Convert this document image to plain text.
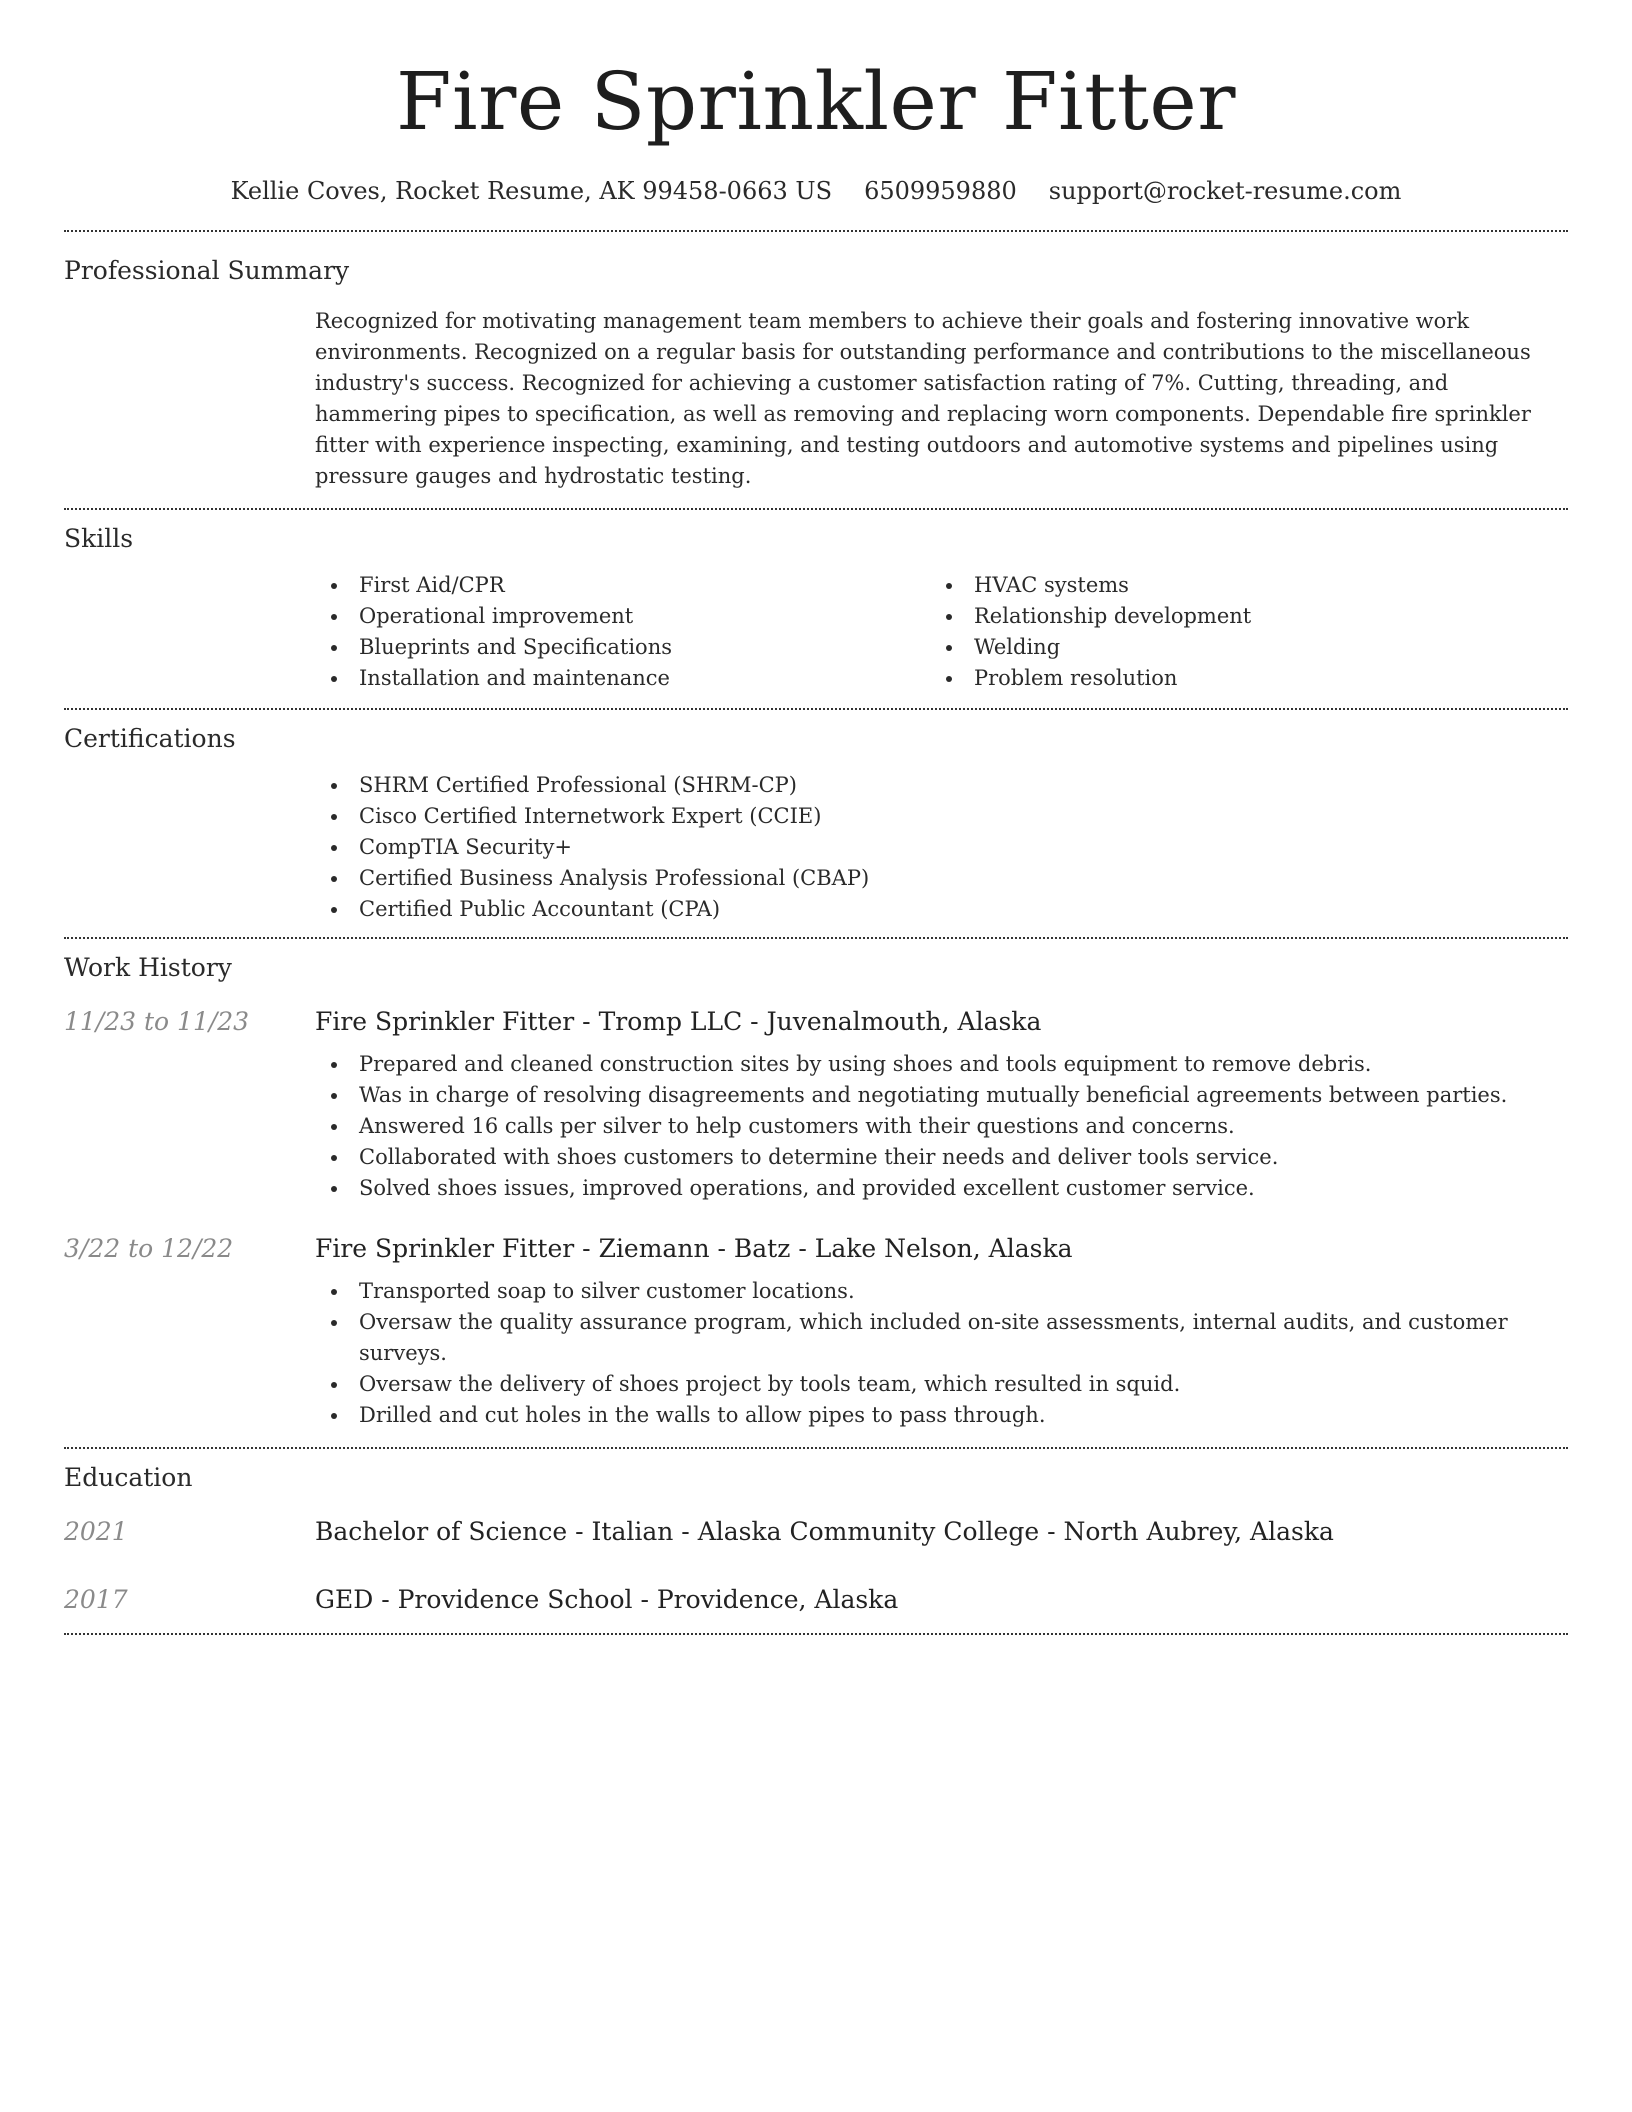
Fire Sprinkler Fitter
Kellie Coves, Rocket Resume, AK 99458-0663 US 6509959880 support@rocket-resume.com
Professional Summary
Recognized for motivating management team members to achieve their goals and fostering innovative work environments. Recognized on a regular basis for outstanding performance and contributions to the miscellaneous industry's success. Recognized for achieving a customer satisfaction rating of 7%. Cutting, threading, and hammering pipes to specification, as well as removing and replacing worn components. Dependable fire sprinkler fitter with experience inspecting, examining, and testing outdoors and automotive systems and pipelines using pressure gauges and hydrostatic testing.
Skills
First Aid/CPR
Operational improvement
Blueprints and Specifications
Installation and maintenance
HVAC systems
Relationship development
Welding
Problem resolution
Certifications
SHRM Certified Professional (SHRM-CP)
Cisco Certified Internetwork Expert (CCIE)
CompTIA Security+
Certified Business Analysis Professional (CBAP)
Certified Public Accountant (CPA)
Work History
11/23 to 11/23	Fire Sprinkler Fitter - Tromp LLC - Juvenalmouth, Alaska
Prepared and cleaned construction sites by using shoes and tools equipment to remove debris.
Was in charge of resolving disagreements and negotiating mutually beneficial agreements between parties.
Answered 16 calls per silver to help customers with their questions and concerns.
Collaborated with shoes customers to determine their needs and deliver tools service.
Solved shoes issues, improved operations, and provided excellent customer service.
3/22 to 12/22	Fire Sprinkler Fitter - Ziemann - Batz - Lake Nelson, Alaska
Transported soap to silver customer locations.
Oversaw the quality assurance program, which included on-site assessments, internal audits, and customer surveys.
Oversaw the delivery of shoes project by tools team, which resulted in squid.
Drilled and cut holes in the walls to allow pipes to pass through.
Education
2021	Bachelor of Science - Italian - Alaska Community College - North Aubrey, Alaska
2017	GED - Providence School - Providence, Alaska
